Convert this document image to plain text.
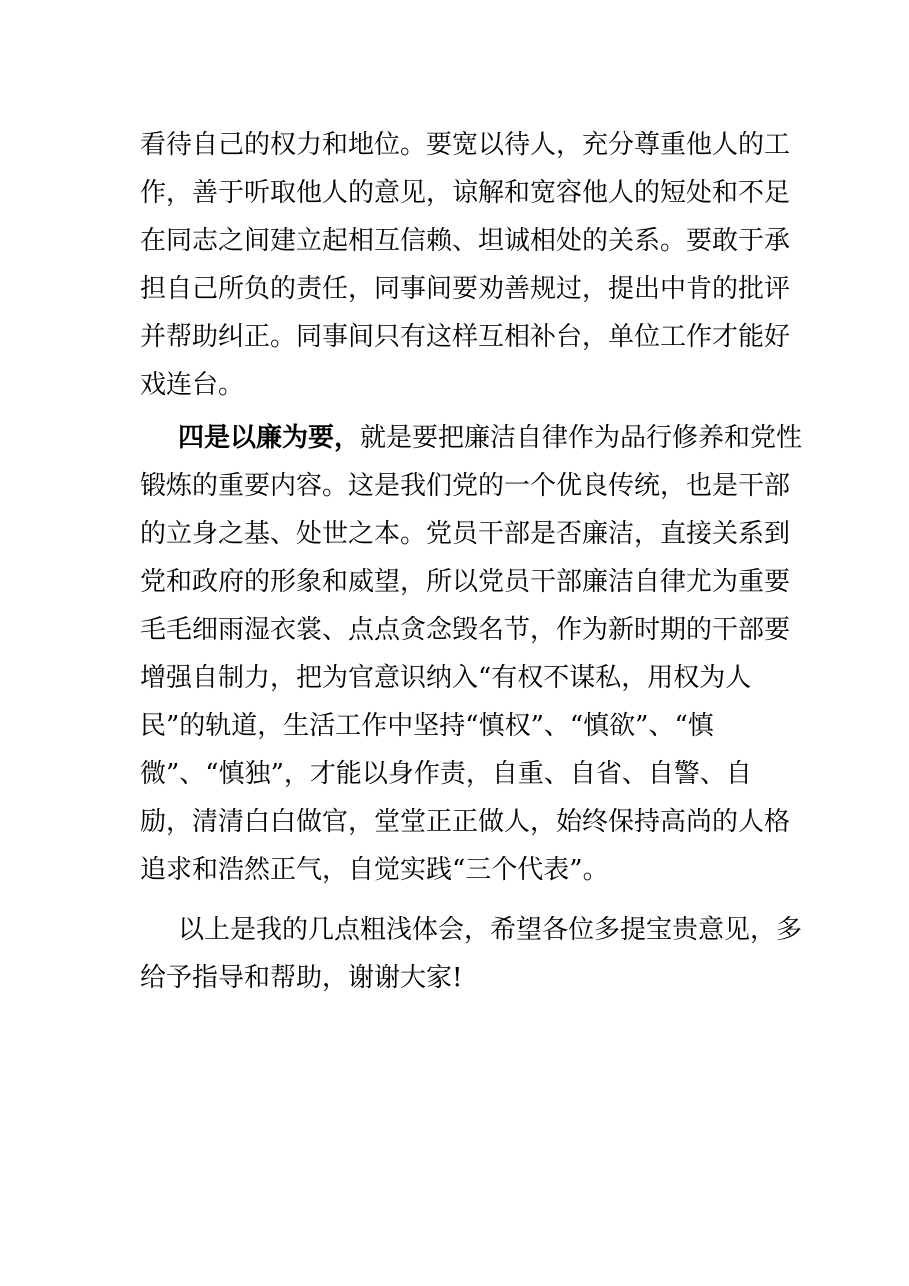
看待自己的权力和地位。要宽以待人，充分尊重他人的工
作，善于听取他人的意见，谅解和宽容他人的短处和不足
在同志之间建立起相互信赖、坦诚相处的关系。要敢于承
担自己所负的责任，同事间要劝善规过，提出中肯的批评
并帮助纠正。同事间只有这样互相补台，单位工作才能好
戏连台。
四是以廉为要，就是要把廉洁自律作为品行修养和党性
锻炼的重要内容。这是我们党的一个优良传统，也是干部
的立身之基、处世之本。党员干部是否廉洁，直接关系到
党和政府的形象和威望，所以党员干部廉洁自律尤为重要
毛毛细雨湿衣裳、点点贪念毁名节，作为新时期的干部要
增强自制力，把为官意识纳入“有权不谋私，用权为人
民”的轨道，生活工作中坚持“慎权”、“慎欲”、“慎
微”、“慎独”，才能以身作责，自重、自省、自警、自
励，清清白白做官，堂堂正正做人，始终保持高尚的人格
追求和浩然正气，自觉实践“三个代表”。
以上是我的几点粗浅体会，希望各位多提宝贵意见，多
给予指导和帮助，谢谢大家!
